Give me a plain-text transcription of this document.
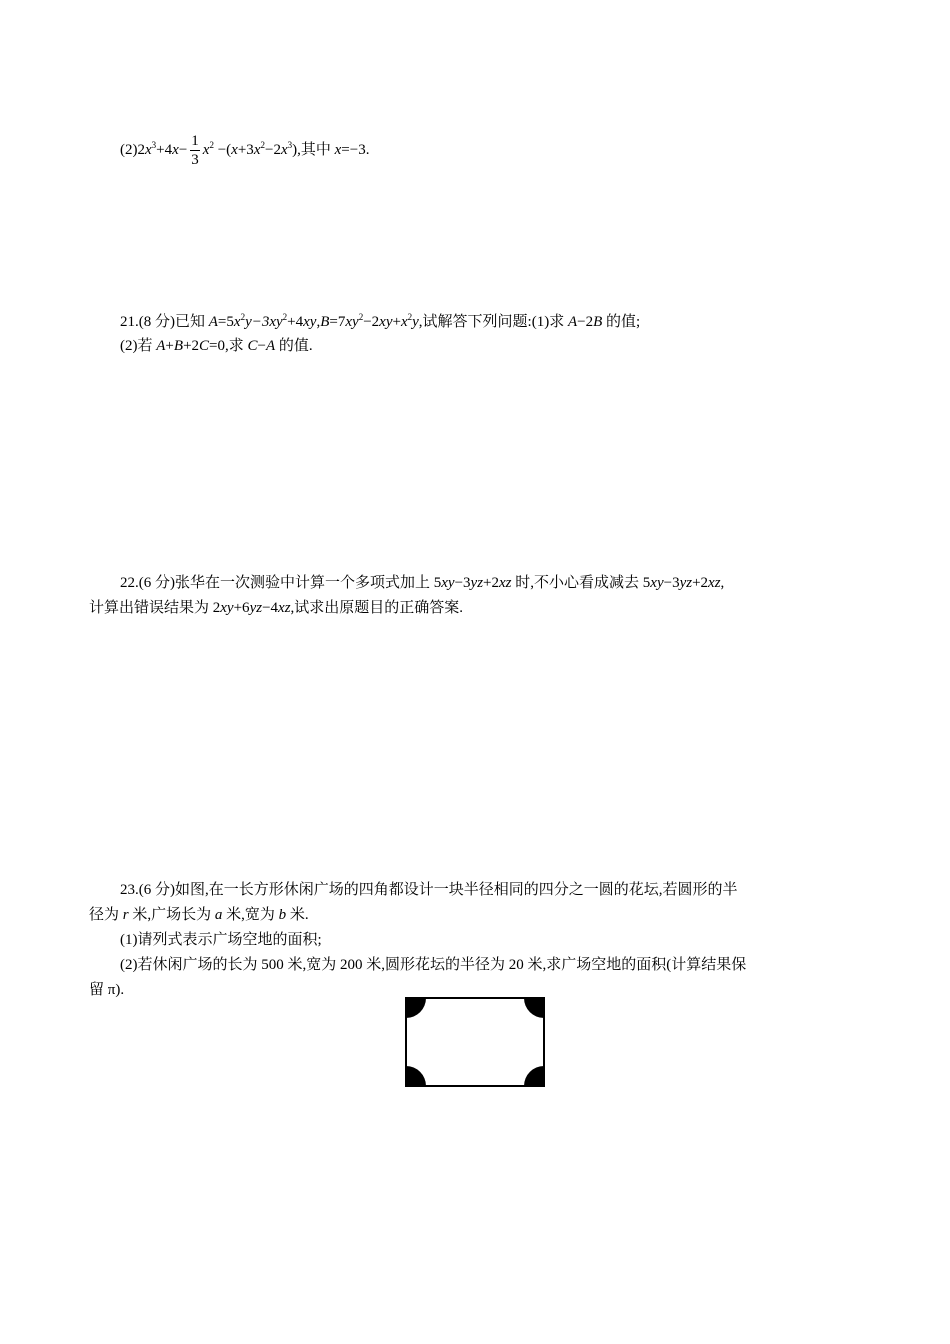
$(2)2x^3+4x- \frac{1}{3} x^2 -(x+3x^2-2x^3)$,其中 x=−3.
21.(8 分)已知 $A=5x^2y-3xy^2+4xy,B=7xy^2-2xy+x^2y$,试解答下列问题:(1)求 A−2B 的值;
(2)若 A+B+2C=0,求 C−A 的值.
22.(6 分)张华在一次测验中计算一个多项式加上 5xy−3yz+2xz 时,不小心看成减去 5xy−3yz+2xz,
计算出错误结果为 2xy+6yz−4xz,试求出原题目的正确答案.
23.(6 分)如图,在一长方形休闲广场的四角都设计一块半径相同的四分之一圆的花坛,若圆形的半
径为 r 米,广场长为 a 米,宽为 b 米.
(1)请列式表示广场空地的面积;
(2)若休闲广场的长为 500 米,宽为 200 米,圆形花坛的半径为 20 米,求广场空地的面积(计算结果保
留 π).
